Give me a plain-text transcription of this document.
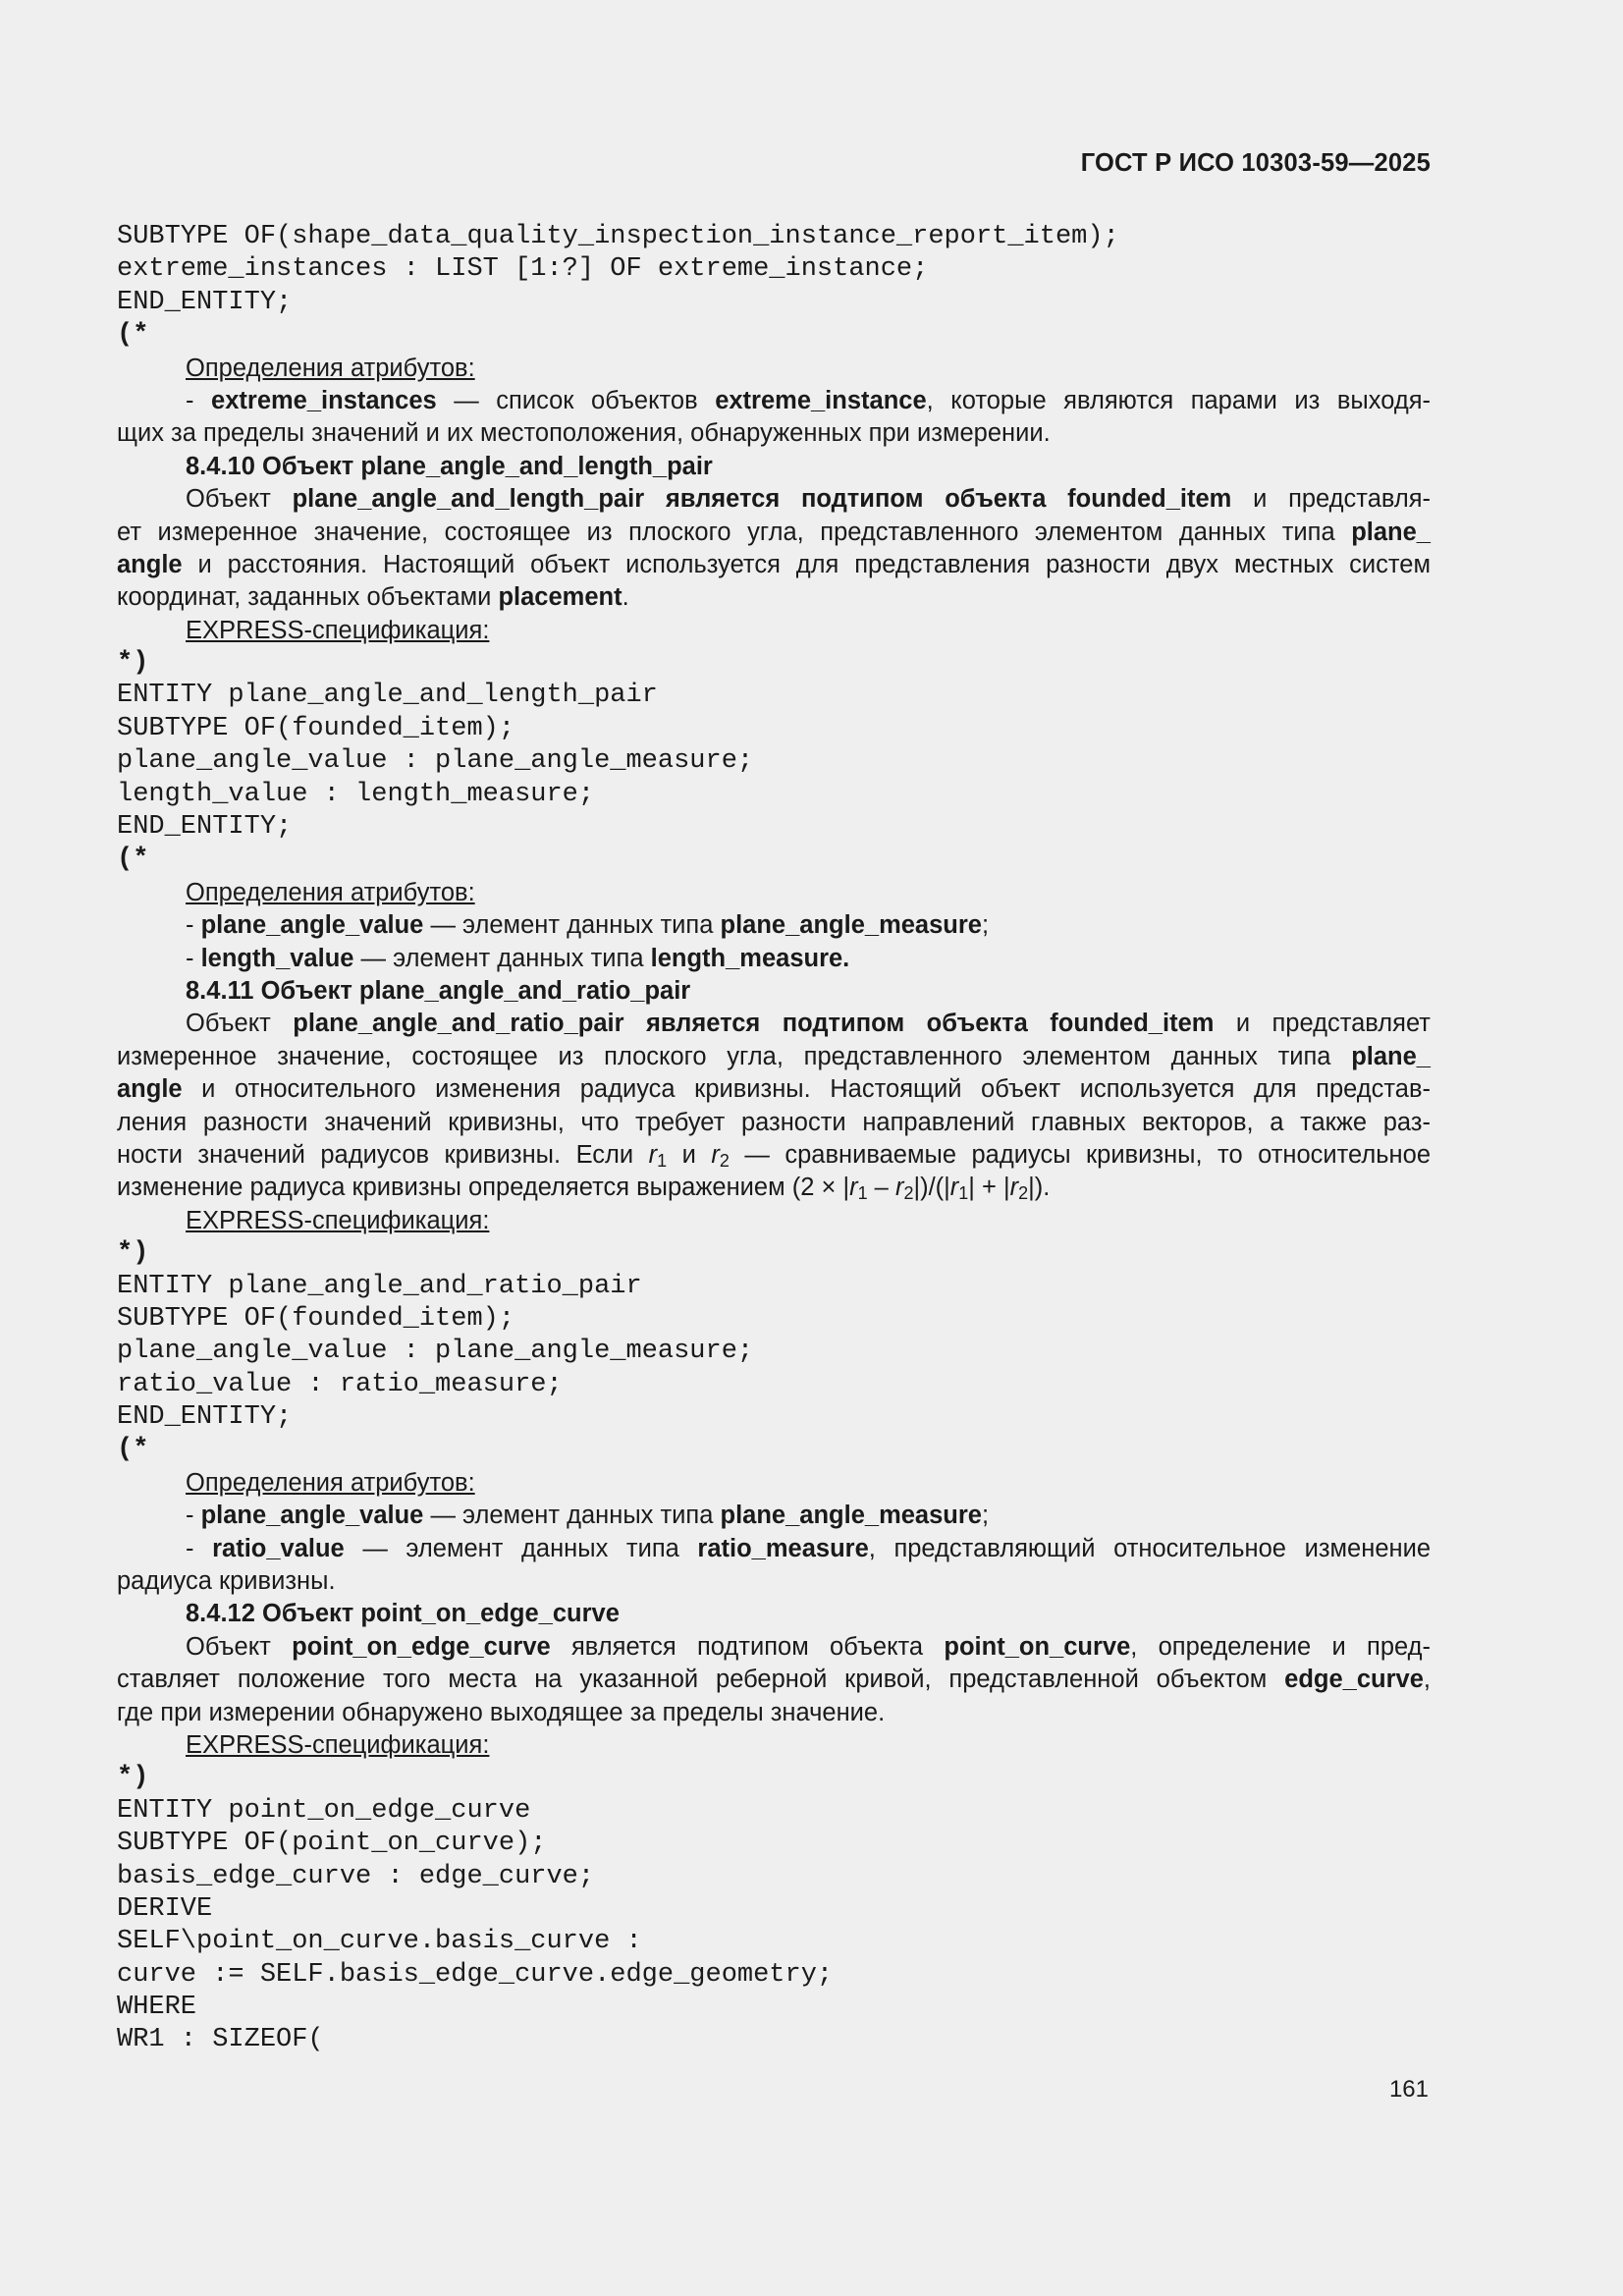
ГОСТ Р ИСО 10303-59—2025
SUBTYPE OF(shape_data_quality_inspection_instance_report_item);
extreme_instances : LIST [1:?] OF extreme_instance;
END_ENTITY;
(*
Определения атрибутов:
- extreme_instances — список объектов extreme_instance, которые являются парами из выходя-
щих за пределы значений и их местоположения, обнаруженных при измерении.
8.4.10 Объект plane_angle_and_length_pair
Объект plane_angle_and_length_pair является подтипом объекта founded_item и представля-
ет измеренное значение, состоящее из плоского угла, представленного элементом данных типа plane_
angle и расстояния. Настоящий объект используется для представления разности двух местных систем
координат, заданных объектами placement.
EXPRESS-спецификация:
*)
ENTITY plane_angle_and_length_pair
SUBTYPE OF(founded_item);
plane_angle_value : plane_angle_measure;
length_value : length_measure;
END_ENTITY;
(*
Определения атрибутов:
- plane_angle_value — элемент данных типа plane_angle_measure;
- length_value — элемент данных типа length_measure.
8.4.11 Объект plane_angle_and_ratio_pair
Объект plane_angle_and_ratio_pair является подтипом объекта founded_item и представляет
измеренное значение, состоящее из плоского угла, представленного элементом данных типа plane_
angle и относительного изменения радиуса кривизны. Настоящий объект используется для представ-
ления разности значений кривизны, что требует разности направлений главных векторов, а также раз-
ности значений радиусов кривизны. Если $r_1$ и $r_2$ — сравниваемые радиусы кривизны, то относительное
изменение радиуса кривизны определяется выражением $(2 \times |r_1 - r_2|)/(|r_1| + |r_2|)$.
EXPRESS-спецификация:
*)
ENTITY plane_angle_and_ratio_pair
SUBTYPE OF(founded_item);
plane_angle_value : plane_angle_measure;
ratio_value : ratio_measure;
END_ENTITY;
(*
Определения атрибутов:
- plane_angle_value — элемент данных типа plane_angle_measure;
- ratio_value — элемент данных типа ratio_measure, представляющий относительное изменение
радиуса кривизны.
8.4.12 Объект point_on_edge_curve
Объект point_on_edge_curve является подтипом объекта point_on_curve, определение и пред-
ставляет положение того места на указанной реберной кривой, представленной объектом edge_curve,
где при измерении обнаружено выходящее за пределы значение.
EXPRESS-спецификация:
*)
ENTITY point_on_edge_curve
SUBTYPE OF(point_on_curve);
basis_edge_curve : edge_curve;
DERIVE
SELF\point_on_curve.basis_curve :
curve := SELF.basis_edge_curve.edge_geometry;
WHERE
WR1 : SIZEOF(
161
